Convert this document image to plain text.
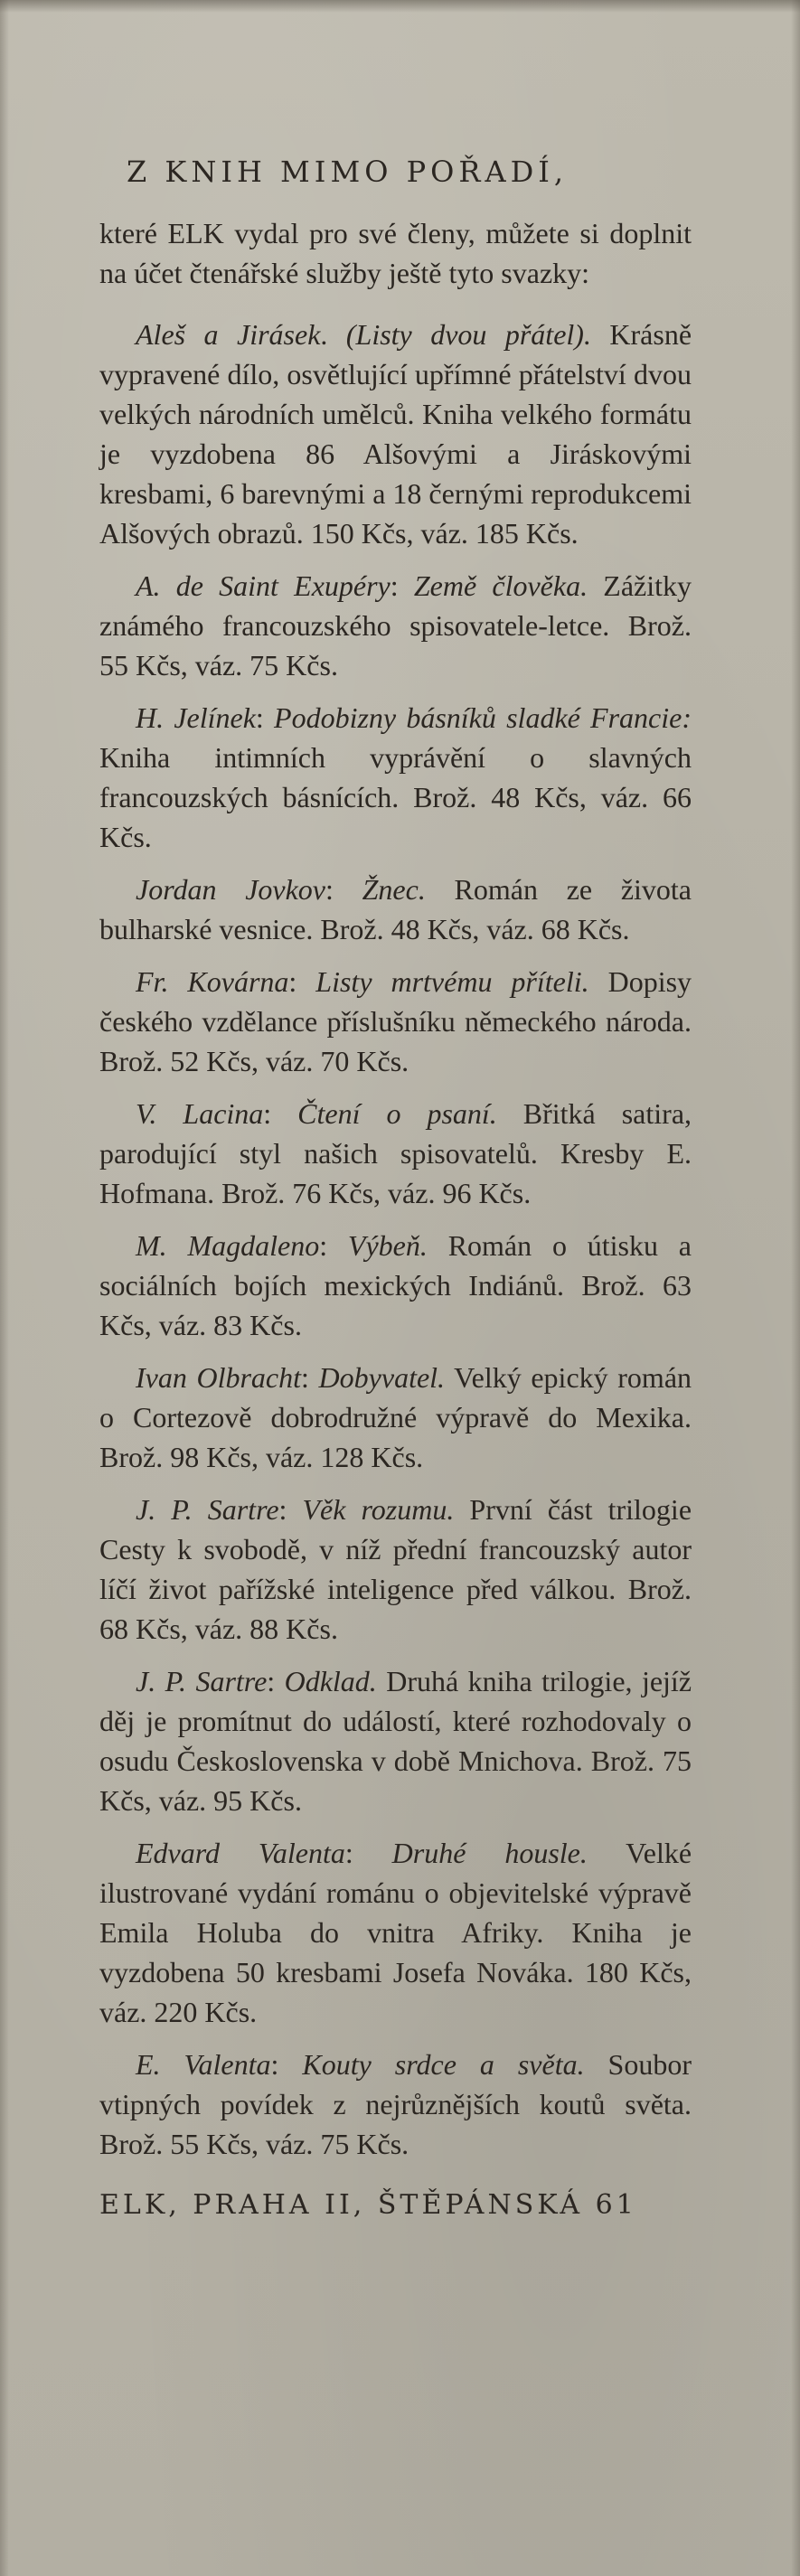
Z KNIH MIMO POŘADÍ,

které ELK vydal pro své členy, můžete si doplnit na účet čtenářské služby ještě tyto svazky:

Aleš a Jirásek. (Listy dvou přátel). Krásně vypravené dílo, osvětlující upřímné přátelství dvou velkých národních umělců. Kniha velkého formátu je vyzdobena 86 Alšovými a Jiráskovými kresbami, 6 barevnými a 18 černými reprodukcemi Alšových obrazů. 150 Kčs, váz. 185 Kčs.

A. de Saint Exupéry: Země člověka. Zážitky známého francouzského spisovatele-letce. Brož. 55 Kčs, váz. 75 Kčs.

H. Jelínek: Podobizny básníků sladké Francie: Kniha intimních vyprávění o slavných francouzských básnících. Brož. 48 Kčs, váz. 66 Kčs.

Jordan Jovkov: Žnec. Román ze života bulharské vesnice. Brož. 48 Kčs, váz. 68 Kčs.

Fr. Kovárna: Listy mrtvému příteli. Dopisy českého vzdělance příslušníku německého národa. Brož. 52 Kčs, váz. 70 Kčs.

V. Lacina: Čtení o psaní. Břitká satira, parodující styl našich spisovatelů. Kresby E. Hofmana. Brož. 76 Kčs, váz. 96 Kčs.

M. Magdaleno: Výbeň. Román o útisku a sociálních bojích mexických Indiánů. Brož. 63 Kčs, váz. 83 Kčs.

Ivan Olbracht: Dobyvatel. Velký epický román o Cortezově dobrodružné výpravě do Mexika. Brož. 98 Kčs, váz. 128 Kčs.

J. P. Sartre: Věk rozumu. První část trilogie Cesty k svobodě, v níž přední francouzský autor líčí život pařížské inteligence před válkou. Brož. 68 Kčs, váz. 88 Kčs.

J. P. Sartre: Odklad. Druhá kniha trilogie, jejíž děj je promítnut do událostí, které rozhodovaly o osudu Československa v době Mnichova. Brož. 75 Kčs, váz. 95 Kčs.

Edvard Valenta: Druhé housle. Velké ilustrované vydání románu o objevitelské výpravě Emila Holuba do vnitra Afriky. Kniha je vyzdobena 50 kresbami Josefa Nováka. 180 Kčs, váz. 220 Kčs.

E. Valenta: Kouty srdce a světa. Soubor vtipných povídek z nejrůznějších koutů světa. Brož. 55 Kčs, váz. 75 Kčs.

ELK, PRAHA II, ŠTĚPÁNSKÁ 61
